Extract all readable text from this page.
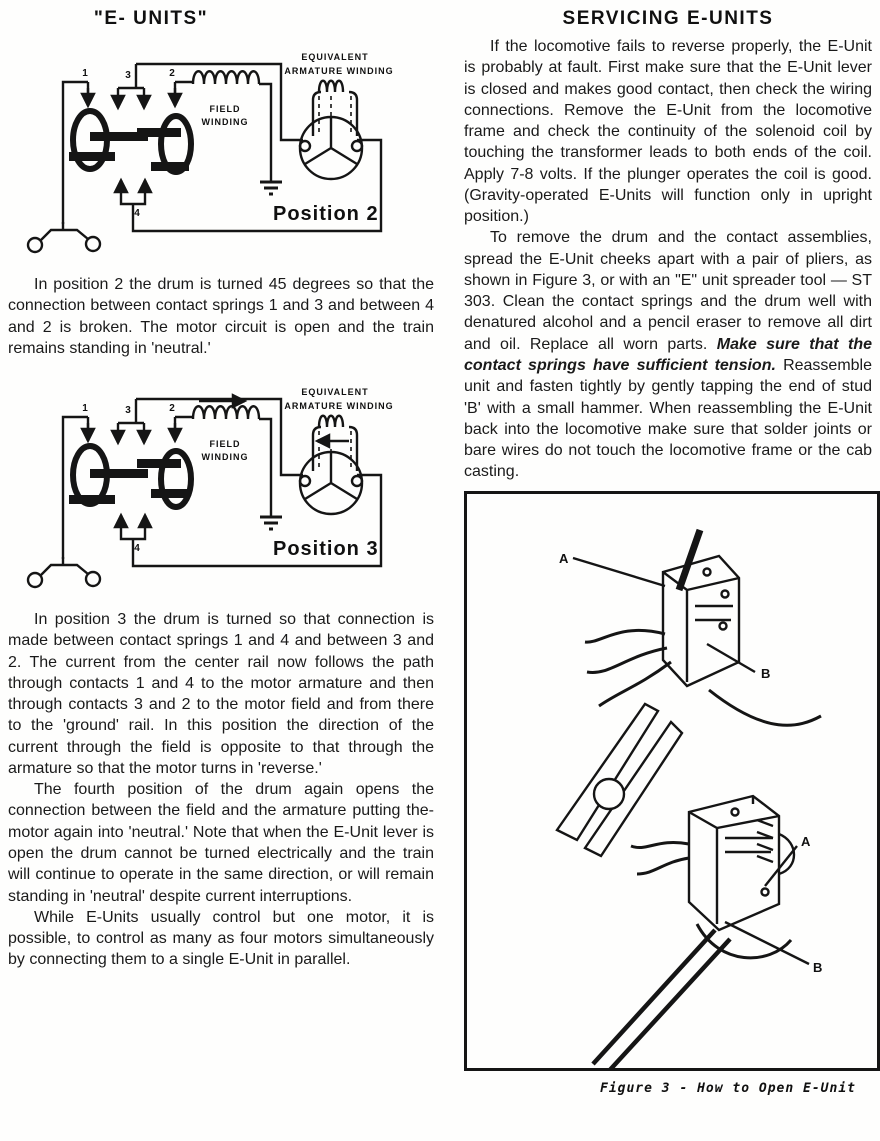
"E- UNITS"
1	3	2
4
FIELD
WINDING
EQUIVALENT
ARMATURE WINDING
Position 2

In position 2 the drum is turned 45 degrees so that the connection between contact springs 1 and 3 and between 4 and 2 is broken. The motor circuit is open and the train remains standing in 'neutral.'

1	3	2
4
FIELD
WINDING
EQUIVALENT
ARMATURE WINDING
Position 3

In position 3 the drum is turned so that connection is made between contact springs 1 and 4 and between 3 and 2. The current from the center rail now follows the path through contacts 1 and 4 to the motor armature and then through contacts 3 and 2 to the motor field and from there to the 'ground' rail. In this position the direction of the current through the field is opposite to that through the armature so that the motor turns in 'reverse.'

The fourth position of the drum again opens the connection between the field and the armature putting the-motor again into 'neutral.' Note that when the E-Unit lever is open the drum cannot be turned electrically and the train will continue to operate in the same direction, or will remain standing in 'neutral' despite current interruptions.

While E-Units usually control but one motor, it is possible, to control as many as four motors simultaneously by connecting them to a single E-Unit in parallel.

SERVICING E-UNITS

If the locomotive fails to reverse properly, the E-Unit is probably at fault. First make sure that the E-Unit lever is closed and makes good contact, then check the wiring connections. Remove the E-Unit from the locomotive frame and check the continuity of the solenoid coil by touching the transformer leads to both ends of the coil. Apply 7-8 volts. If the plunger operates the coil is good. (Gravity-operated E-Units will function only in upright position.)

To remove the drum and the contact assemblies, spread the E-Unit cheeks apart with a pair of pliers, as shown in Figure 3, or with an "E" unit spreader tool — ST 303. Clean the contact springs and the drum well with denatured alcohol and a pencil eraser to remove all dirt and oil. Replace all worn parts. Make sure that the contact springs have sufficient tension. Reassemble unit and fasten tightly by gently tapping the end of stud 'B' with a small hammer. When reassembling the E-Unit back into the locomotive make sure that solder joints or bare wires do not touch the locomotive frame or the cab casting.

A
B
A
B
Figure 3 - How to Open E-Unit
